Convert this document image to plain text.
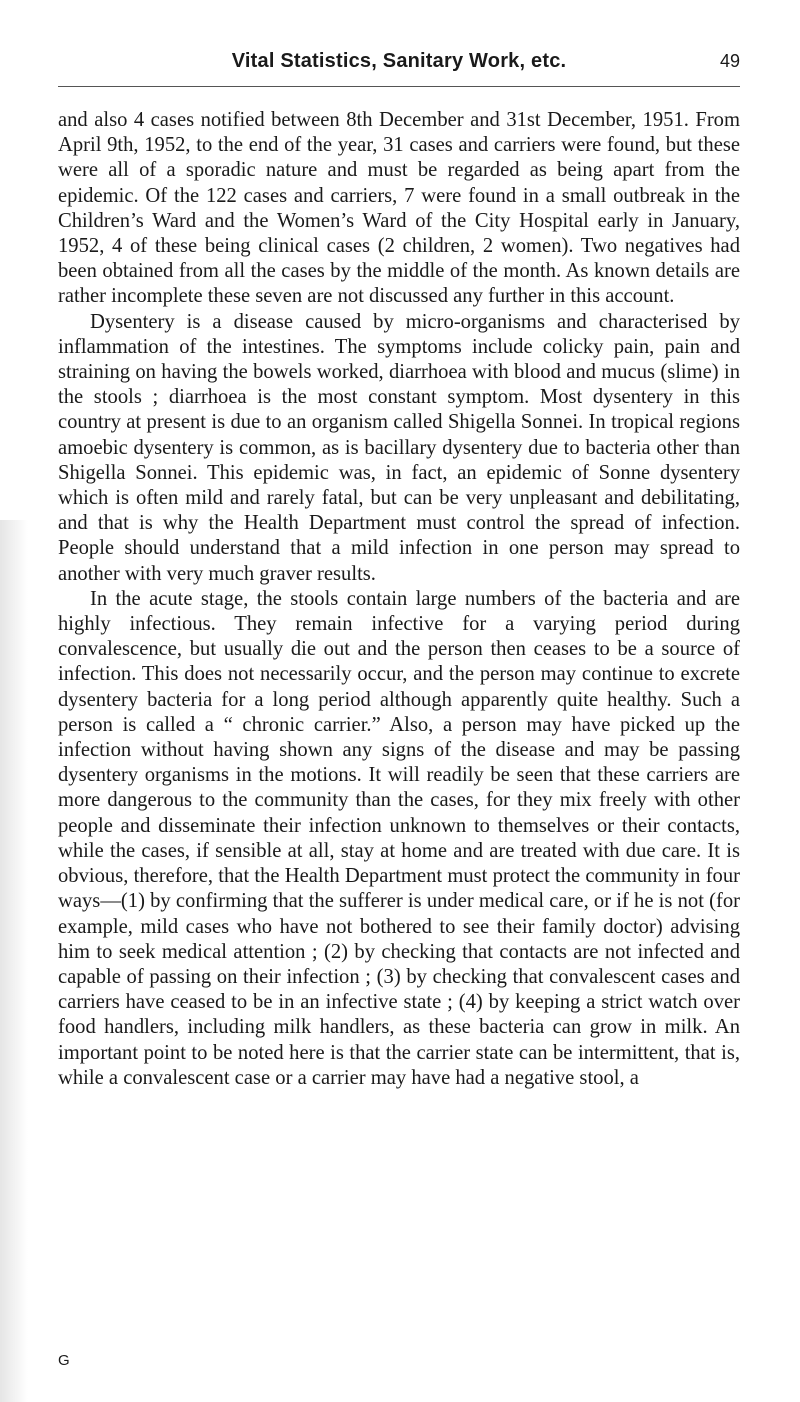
Vital Statistics, Sanitary Work, etc.	49

and also 4 cases notified between 8th December and 31st December, 1951. From April 9th, 1952, to the end of the year, 31 cases and carriers were found, but these were all of a sporadic nature and must be regarded as being apart from the epidemic. Of the 122 cases and carriers, 7 were found in a small outbreak in the Children’s Ward and the Women’s Ward of the City Hospital early in January, 1952, 4 of these being clinical cases (2 children, 2 women). Two negatives had been obtained from all the cases by the middle of the month. As known details are rather incomplete these seven are not discussed any further in this account.

Dysentery is a disease caused by micro-organisms and characterised by inflammation of the intestines. The symptoms include colicky pain, pain and straining on having the bowels worked, diarrhoea with blood and mucus (slime) in the stools ; diarrhoea is the most constant symptom. Most dysentery in this country at present is due to an organism called Shigella Sonnei. In tropical regions amoebic dysentery is common, as is bacillary dysentery due to bacteria other than Shigella Sonnei. This epidemic was, in fact, an epidemic of Sonne dysentery which is often mild and rarely fatal, but can be very unpleasant and debilitating, and that is why the Health Department must control the spread of infection. People should understand that a mild infection in one person may spread to another with very much graver results.

In the acute stage, the stools contain large numbers of the bacteria and are highly infectious. They remain infective for a varying period during convalescence, but usually die out and the person then ceases to be a source of infection. This does not necessarily occur, and the person may continue to excrete dysentery bacteria for a long period although apparently quite healthy. Such a person is called a “ chronic carrier.” Also, a person may have picked up the infection without having shown any signs of the disease and may be passing dysentery organisms in the motions. It will readily be seen that these carriers are more dangerous to the community than the cases, for they mix freely with other people and disseminate their infection unknown to themselves or their contacts, while the cases, if sensible at all, stay at home and are treated with due care. It is obvious, therefore, that the Health Department must protect the community in four ways—(1) by confirming that the sufferer is under medical care, or if he is not (for example, mild cases who have not bothered to see their family doctor) advising him to seek medical attention ; (2) by checking that contacts are not infected and capable of passing on their infection ; (3) by checking that convalescent cases and carriers have ceased to be in an infective state ; (4) by keeping a strict watch over food handlers, including milk handlers, as these bacteria can grow in milk. An important point to be noted here is that the carrier state can be intermittent, that is, while a convalescent case or a carrier may have had a negative stool, a

G
